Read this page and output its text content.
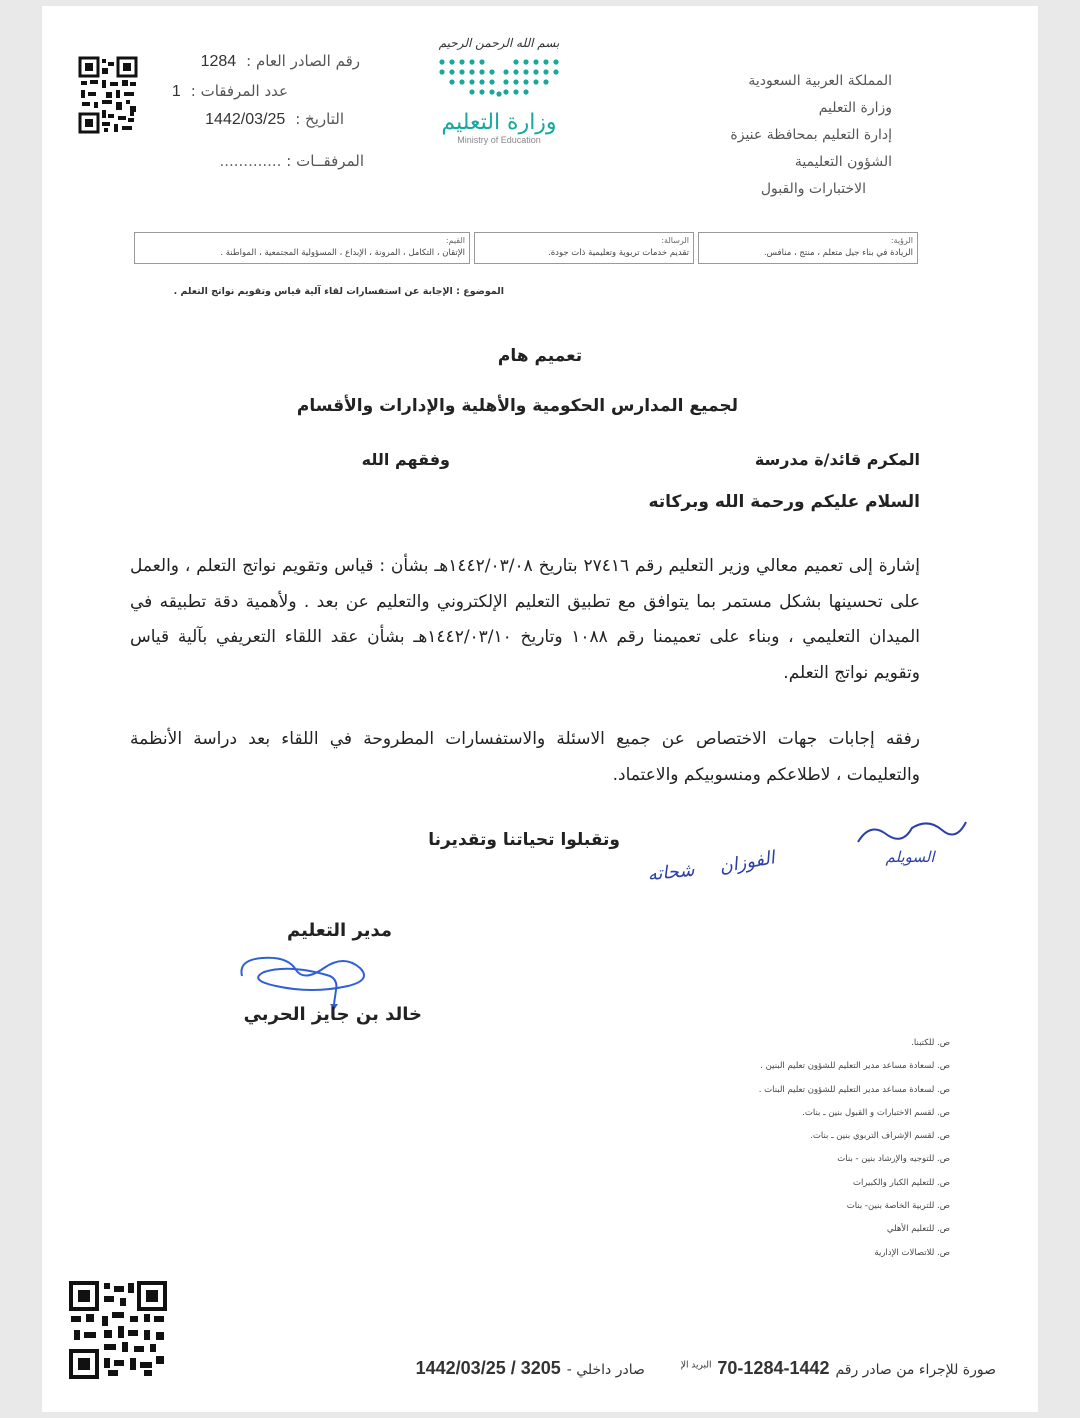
رقم الصادر العام :1284
عدد المرفقات :1
التاريخ :1442/03/25
المرفقــات : .............
بسم الله الرحمن الرحيم
وزارة التعليم
Ministry of Education
المملكة العربية السعودية
وزارة التعليم
إدارة التعليم بمحافظة عنيزة
الشؤون التعليمية
الاختبارات والقبول
الرؤية:
الريادة في بناء جيل متعلم ، منتج ، منافس.
الرسالة:
تقديم خدمات تربوية وتعليمية ذات جودة.
القيم:
الإتقان ، التكامل ، المرونة ، الإبداع ، المسؤولية المجتمعية ، المواطنة .
الموضوع : الإجابة عن استفسارات لقاء آلية قياس وتقويم نواتج التعلم .
تعميم هام
لجميع المدارس الحكومية والأهلية والإدارات والأقسام
المكرم قائد/ة مدرسة
وفقهم الله
السلام عليكم ورحمة الله وبركاته
إشارة إلى تعميم معالي وزير التعليم رقم ٢٧٤١٦ بتاريخ ١٤٤٢/٠٣/٠٨هـ بشأن : قياس وتقويم نواتج التعلم ، والعمل على تحسينها بشكل مستمر بما يتوافق مع تطبيق التعليم الإلكتروني والتعليم عن بعد . ولأهمية دقة تطبيقه في الميدان التعليمي ، وبناء على تعميمنا رقم ١٠٨٨ وتاريخ ١٤٤٢/٠٣/١٠هـ بشأن عقد اللقاء التعريفي بآلية قياس وتقويم نواتج التعلم.
رفقه إجابات جهات الاختصاص عن جميع الاسئلة والاستفسارات المطروحة في اللقاء بعد دراسة الأنظمة والتعليمات ، لاطلاعكم ومنسوبيكم والاعتماد.
وتقبلوا تحياتنا وتقديرنا
السويلم
الفوزان
شحاته
مدير التعليم
خالد بن جايز الحربي
ص. للكتبنا.
ص. لسعادة مساعد مدير التعليم للشؤون تعليم البنين .
ص. لسعادة مساعد مدير التعليم للشؤون تعليم البنات .
ص. لقسم الاختبارات و القبول بنين ـ بنات.
ص. لقسم الإشراف التربوي بنين ـ بنات.
ص. للتوجيه والإرشاد بنين - بنات
ص. للتعليم الكبار والكبيرات
ص. للتربية الخاصة بنين- بنات
ص. للتعليم الأهلي
ص. للاتصالات الإدارية
صورة للإجراء من صادر رقم 1442-1284-70 $^{البريد الإ}$ صادر داخلي - 3205 / 1442/03/25
